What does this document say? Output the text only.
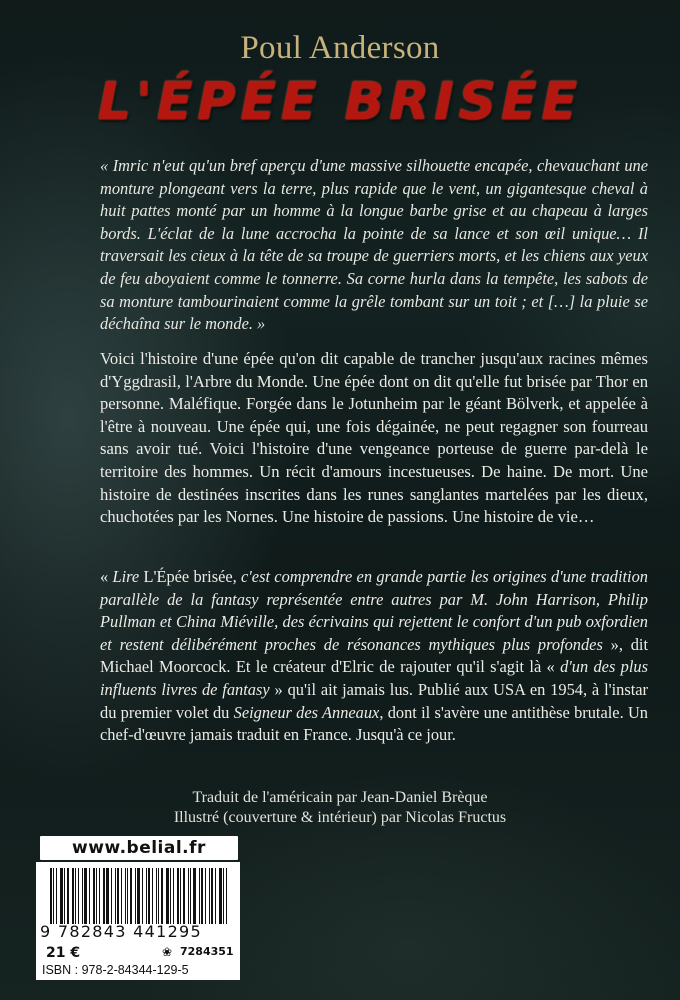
Poul Anderson
L'ÉPÉE BRISÉE

« Imric n'eut qu'un bref aperçu d'une massive silhouette encapée, chevauchant une monture plongeant vers la terre, plus rapide que le vent, un gigantesque cheval à huit pattes monté par un homme à la longue barbe grise et au chapeau à larges bords. L'éclat de la lune accrocha la pointe de sa lance et son œil unique… Il traversait les cieux à la tête de sa troupe de guerriers morts, et les chiens aux yeux de feu aboyaient comme le tonnerre. Sa corne hurla dans la tempête, les sabots de sa monture tambourinaient comme la grêle tombant sur un toit ; et […] la pluie se déchaîna sur le monde. »

Voici l'histoire d'une épée qu'on dit capable de trancher jusqu'aux racines mêmes d'Yggdrasil, l'Arbre du Monde. Une épée dont on dit qu'elle fut brisée par Thor en personne. Maléfique. Forgée dans le Jotunheim par le géant Bölverk, et appelée à l'être à nouveau. Une épée qui, une fois dégainée, ne peut regagner son fourreau sans avoir tué. Voici l'histoire d'une vengeance porteuse de guerre par-delà le territoire des hommes. Un récit d'amours incestueuses. De haine. De mort. Une histoire de destinées inscrites dans les runes sanglantes martelées par les dieux, chuchotées par les Nornes. Une histoire de passions. Une histoire de vie…

« Lire L'Épée brisée, c'est comprendre en grande partie les origines d'une tradition parallèle de la fantasy représentée entre autres par M. John Harrison, Philip Pullman et China Miéville, des écrivains qui rejettent le confort d'un pub oxfordien et restent délibérément proches de résonances mythiques plus profondes », dit Michael Moorcock. Et le créateur d'Elric de rajouter qu'il s'agit là « d'un des plus influents livres de fantasy » qu'il ait jamais lus. Publié aux USA en 1954, à l'instar du premier volet du Seigneur des Anneaux, dont il s'avère une antithèse brutale. Un chef-d'œuvre jamais traduit en France. Jusqu'à ce jour.

Traduit de l'américain par Jean-Daniel Brèque
Illustré (couverture & intérieur) par Nicolas Fructus
www.belial.fr
9 782843 441295
21 €	❀ 7284351
ISBN : 978-2-84344-129-5
